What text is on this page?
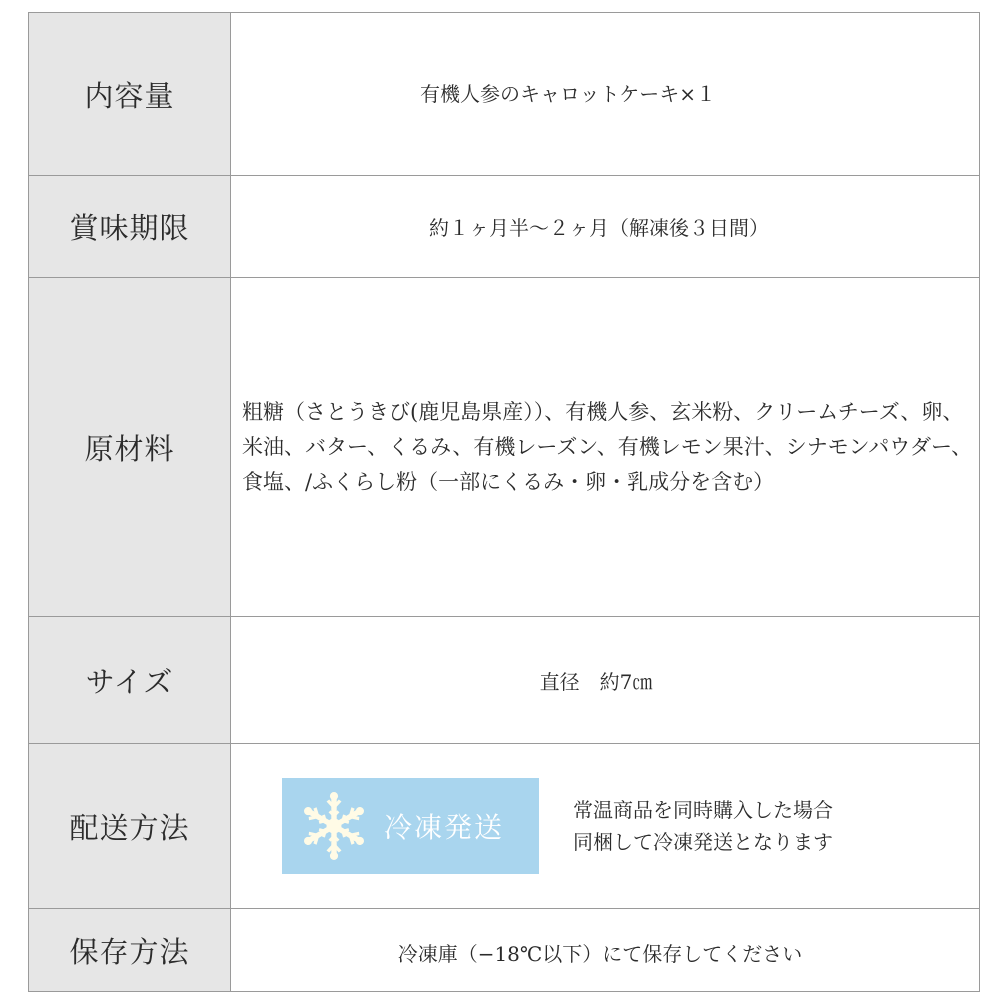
内容量	有機人参のキャロットケーキ×１
賞味期限	約１ヶ月半～２ヶ月（解凍後３日間）
原材料	粗糖（さとうきび(鹿児島県産））、有機人参、玄米粉、クリームチーズ、卵、米油、バター、くるみ、有機レーズン、有機レモン果汁、シナモンパウダー、食塩、/ふくらし粉（一部にくるみ・卵・乳成分を含む）
サイズ	直径　約7㎝
配送方法	冷凍発送
常温商品を同時購入した場合
同梱して冷凍発送となります

保存方法	冷凍庫（−18℃以下）にて保存してください
